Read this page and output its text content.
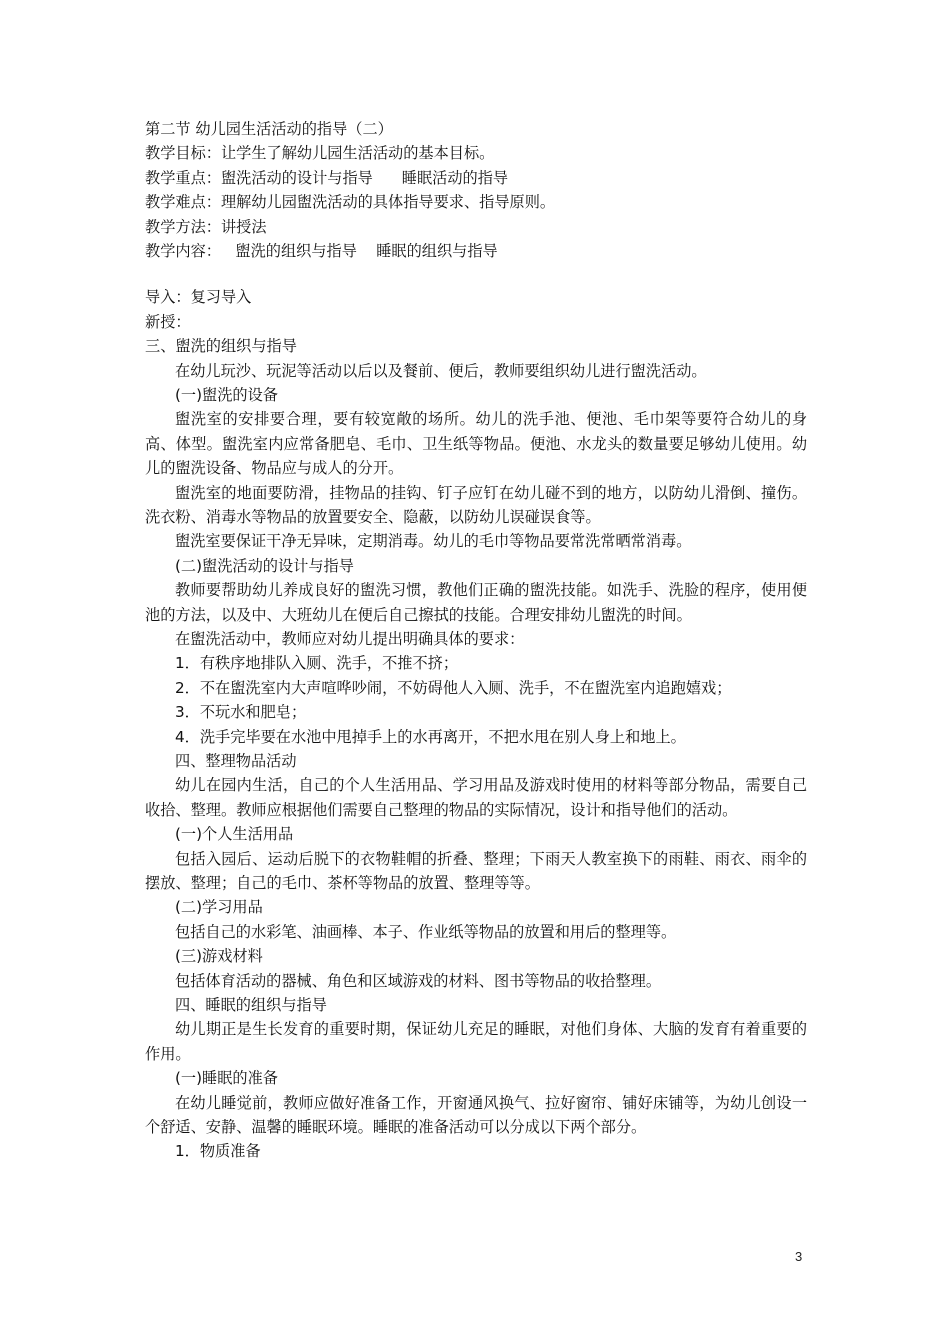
第二节 幼儿园生活活动的指导（二）
教学目标：让学生了解幼儿园生活活动的基本目标。
教学重点：盥洗活动的设计与指导      睡眠活动的指导
教学难点：理解幼儿园盥洗活动的具体指导要求、指导原则。
教学方法：讲授法
教学内容：   盥洗的组织与指导    睡眠的组织与指导
导入：复习导入
新授：
三、盥洗的组织与指导
在幼儿玩沙、玩泥等活动以后以及餐前、便后，教师要组织幼儿进行盥洗活动。
(一)盥洗的设备
盥洗室的安排要合理，要有较宽敞的场所。幼儿的洗手池、便池、毛巾架等要符合幼儿的身高、体型。盥洗室内应常备肥皂、毛巾、卫生纸等物品。便池、水龙头的数量要足够幼儿使用。幼儿的盥洗设备、物品应与成人的分开。
盥洗室的地面要防滑，挂物品的挂钩、钉子应钉在幼儿碰不到的地方，以防幼儿滑倒、撞伤。洗衣粉、消毒水等物品的放置要安全、隐蔽，以防幼儿误碰误食等。
盥洗室要保证干净无异味，定期消毒。幼儿的毛巾等物品要常洗常晒常消毒。
(二)盥洗活动的设计与指导
教师要帮助幼儿养成良好的盥洗习惯，教他们正确的盥洗技能。如洗手、洗脸的程序，使用便池的方法，以及中、大班幼儿在便后自己擦拭的技能。合理安排幼儿盥洗的时间。
在盥洗活动中，教师应对幼儿提出明确具体的要求：
1．有秩序地排队入厕、洗手，不推不挤；
2．不在盥洗室内大声喧哗吵闹，不妨碍他人入厕、洗手，不在盥洗室内追跑嬉戏；
3．不玩水和肥皂；
4．洗手完毕要在水池中甩掉手上的水再离开，不把水甩在别人身上和地上。
四、整理物品活动
幼儿在园内生活，自己的个人生活用品、学习用品及游戏时使用的材料等部分物品，需要自己收拾、整理。教师应根据他们需要自己整理的物品的实际情况，设计和指导他们的活动。
(一)个人生活用品
包括入园后、运动后脱下的衣物鞋帽的折叠、整理；下雨天人教室换下的雨鞋、雨衣、雨伞的摆放、整理；自己的毛巾、茶杯等物品的放置、整理等等。
(二)学习用品
包括自己的水彩笔、油画棒、本子、作业纸等物品的放置和用后的整理等。
(三)游戏材料
包括体育活动的器械、角色和区域游戏的材料、图书等物品的收拾整理。
四、睡眠的组织与指导
幼儿期正是生长发育的重要时期，保证幼儿充足的睡眠，对他们身体、大脑的发育有着重要的作用。
(一)睡眠的准备
在幼儿睡觉前，教师应做好准备工作，开窗通风换气、拉好窗帘、铺好床铺等，为幼儿创设一个舒适、安静、温馨的睡眠环境。睡眠的准备活动可以分成以下两个部分。
1．物质准备
3
